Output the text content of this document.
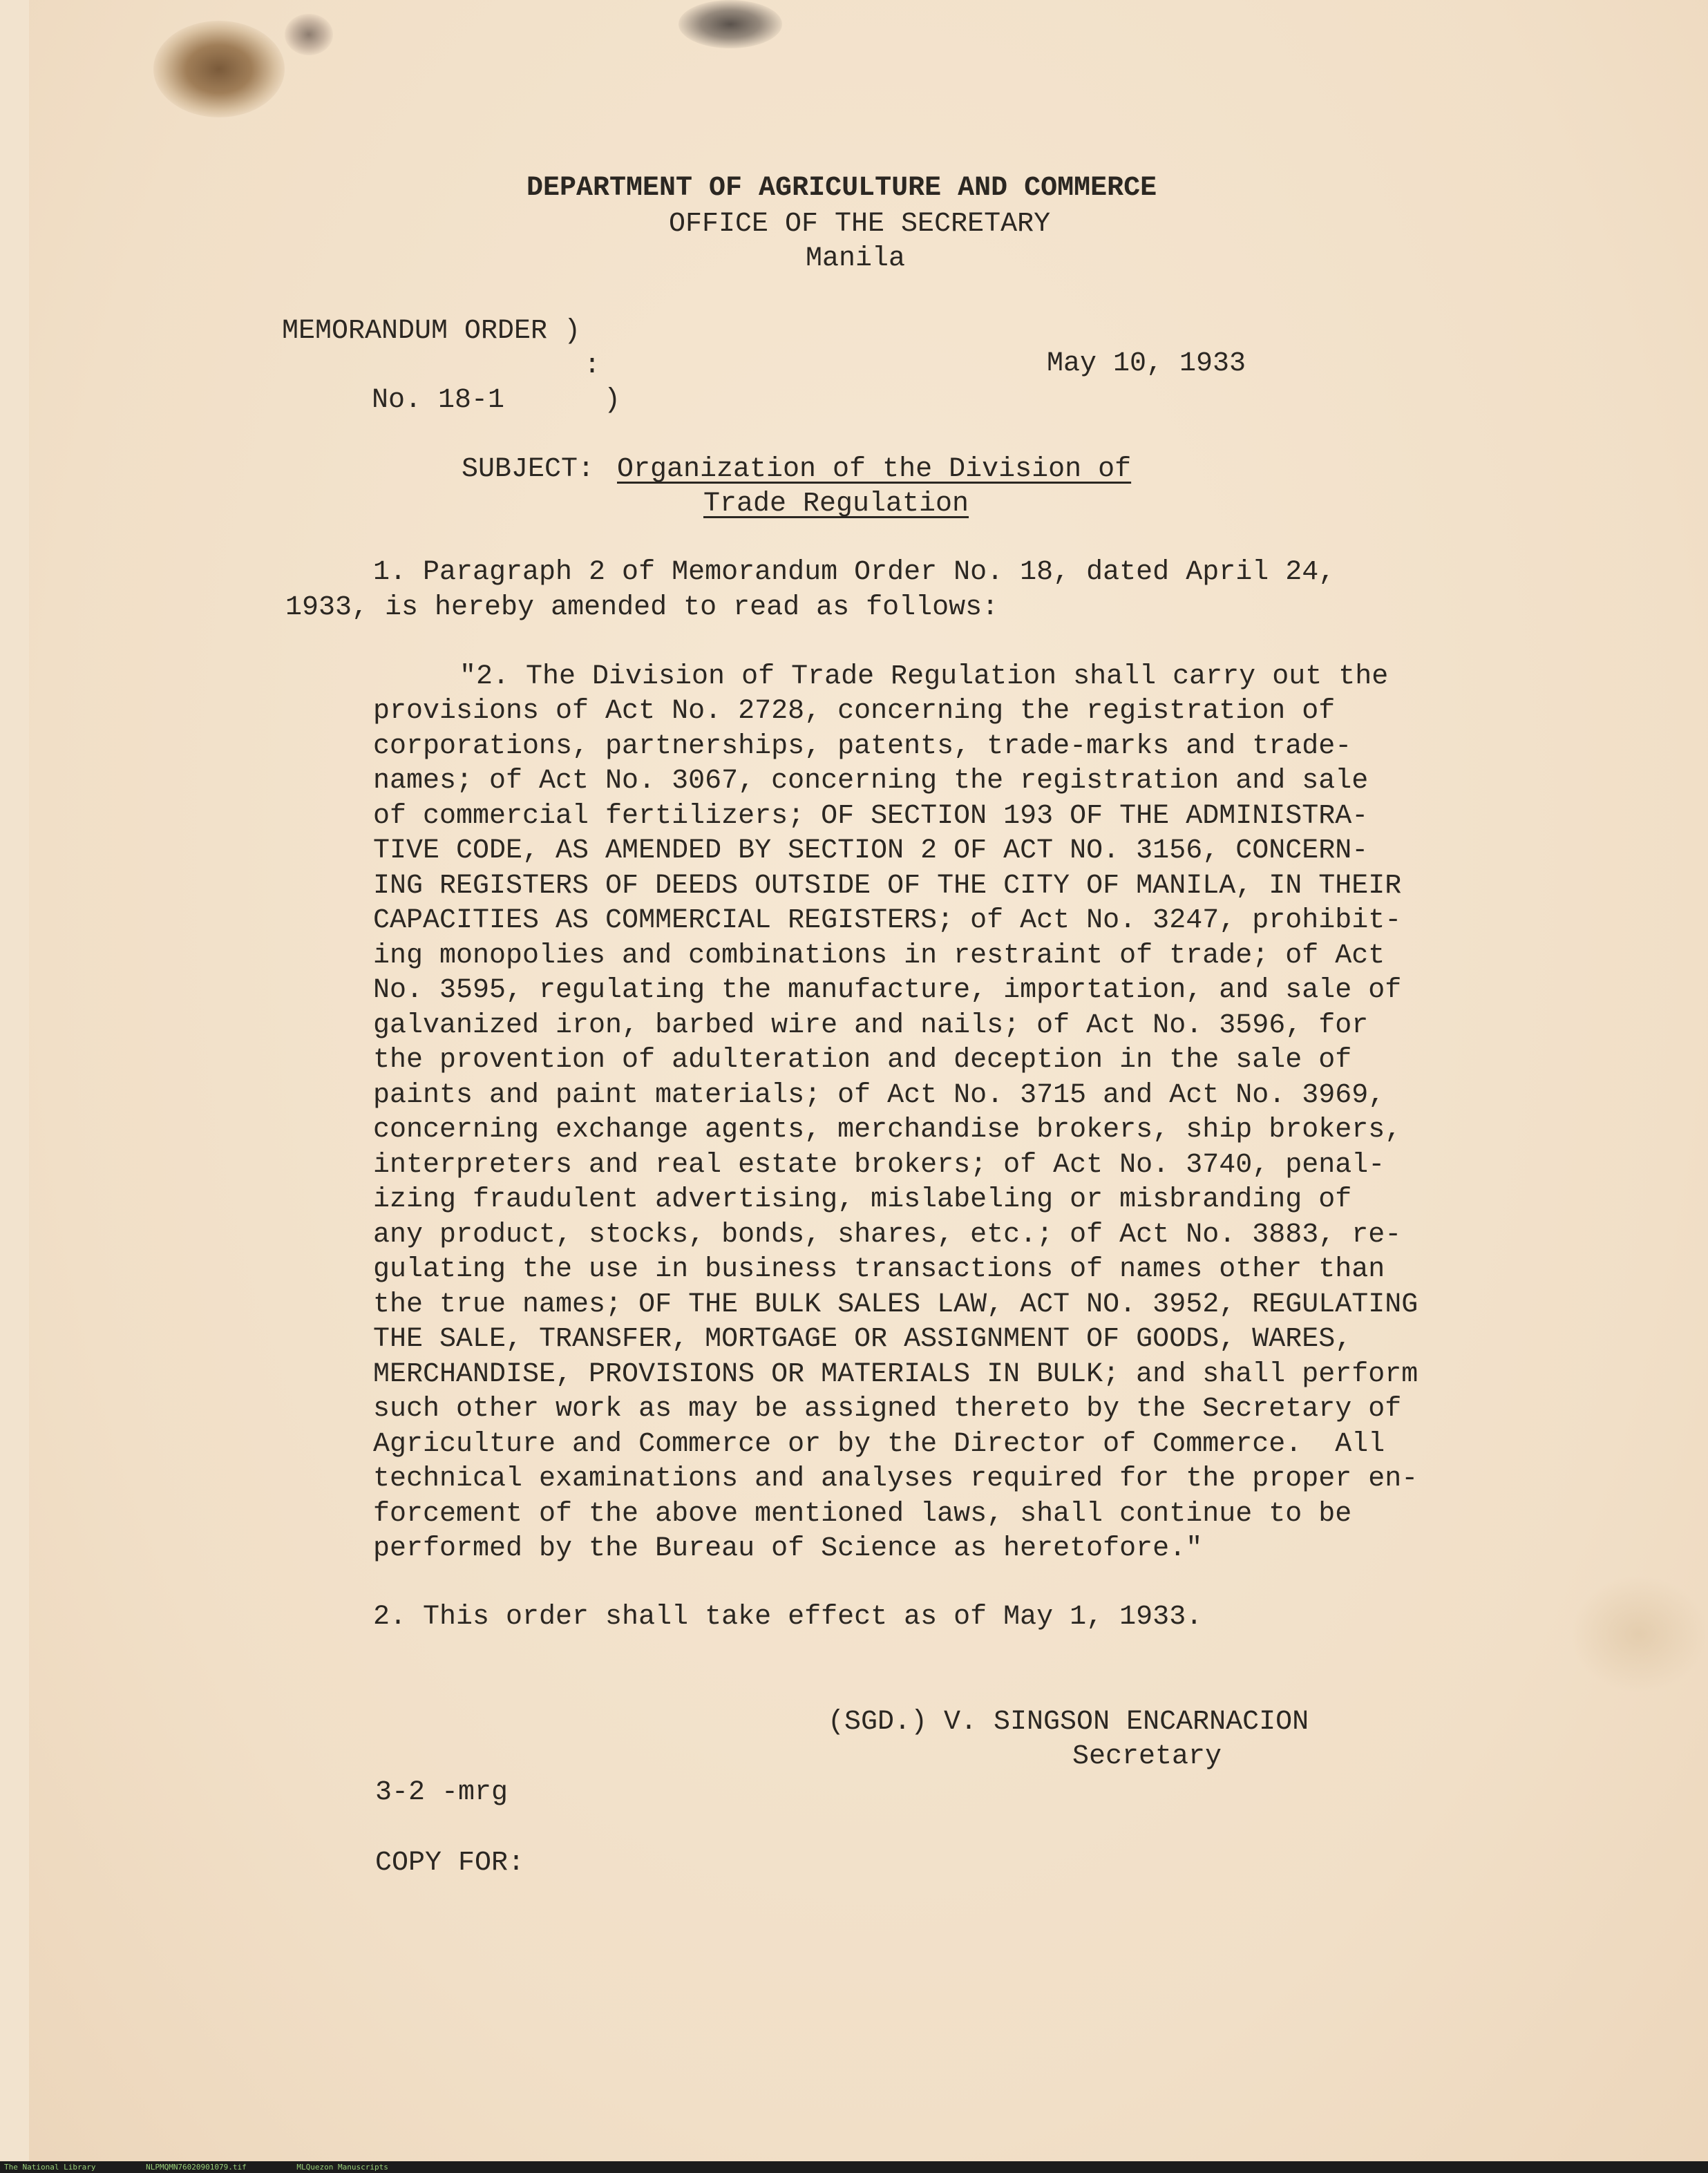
DEPARTMENT OF AGRICULTURE AND COMMERCE
OFFICE OF THE SECRETARY
Manila
MEMORANDUM ORDER )
:
No. 18-1      )
May 10, 1933
SUBJECT: Organization of the Division of
Trade Regulation
1. Paragraph 2 of Memorandum Order No. 18, dated April 24,
1933, is hereby amended to read as follows:
"2. The Division of Trade Regulation shall carry out the
provisions of Act No. 2728, concerning the registration of
corporations, partnerships, patents, trade-marks and trade-
names; of Act No. 3067, concerning the registration and sale
of commercial fertilizers; OF SECTION 193 OF THE ADMINISTRA-
TIVE CODE, AS AMENDED BY SECTION 2 OF ACT NO. 3156, CONCERN-
ING REGISTERS OF DEEDS OUTSIDE OF THE CITY OF MANILA, IN THEIR
CAPACITIES AS COMMERCIAL REGISTERS; of Act No. 3247, prohibit-
ing monopolies and combinations in restraint of trade; of Act
No. 3595, regulating the manufacture, importation, and sale of
galvanized iron, barbed wire and nails; of Act No. 3596, for
the provention of adulteration and deception in the sale of
paints and paint materials; of Act No. 3715 and Act No. 3969,
concerning exchange agents, merchandise brokers, ship brokers,
interpreters and real estate brokers; of Act No. 3740, penal-
izing fraudulent advertising, mislabeling or misbranding of
any product, stocks, bonds, shares, etc.; of Act No. 3883, re-
gulating the use in business transactions of names other than
the true names; OF THE BULK SALES LAW, ACT NO. 3952, REGULATING
THE SALE, TRANSFER, MORTGAGE OR ASSIGNMENT OF GOODS, WARES,
MERCHANDISE, PROVISIONS OR MATERIALS IN BULK; and shall perform
such other work as may be assigned thereto by the Secretary of
Agriculture and Commerce or by the Director of Commerce.  All
technical examinations and analyses required for the proper en-
forcement of the above mentioned laws, shall continue to be
performed by the Bureau of Science as heretofore."
2. This order shall take effect as of May 1, 1933.
(SGD.) V. SINGSON ENCARNACION
Secretary
3-2 -mrg
COPY FOR:
The National Library	NLPMQMN76020901079.tif	MLQuezon Manuscripts
